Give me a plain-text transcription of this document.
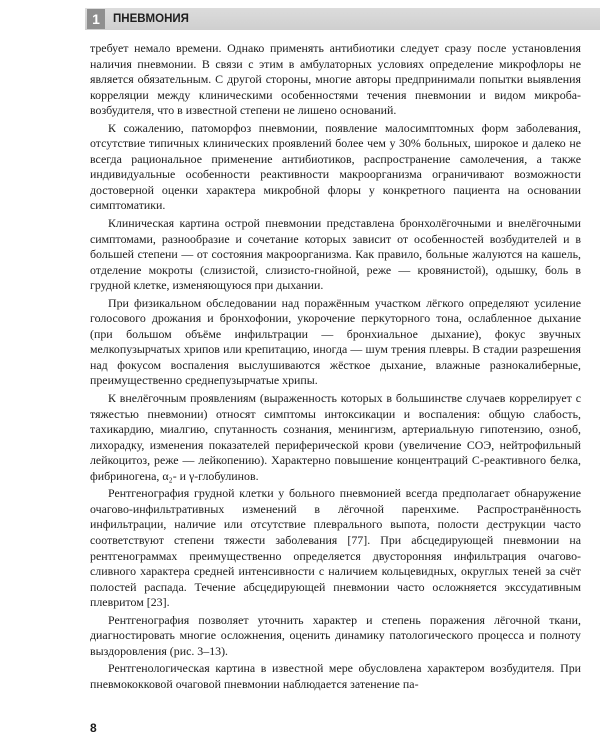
1	ПНЕВМОНИЯ

требует немало времени. Однако применять антибиотики следует сразу после установления наличия пневмонии. В связи с этим в амбулаторных условиях определение микрофлоры не является обязательным. С другой стороны, многие авторы предпринимали попытки выявления корреляции между клиническими особенностями течения пневмонии и видом микроба-возбудителя, что в известной степени не лишено оснований.

К сожалению, патоморфоз пневмонии, появление малосимптомных форм заболевания, отсутствие типичных клинических проявлений более чем у 30% больных, широкое и далеко не всегда рациональное применение антибиотиков, распространение самолечения, а также индивидуальные особенности реактивности макроорганизма ограничивают возможности достоверной оценки характера микробной флоры у конкретного пациента на основании симптоматики.

Клиническая картина острой пневмонии представлена бронхолёгочными и внелёгочными симптомами, разнообразие и сочетание которых зависит от особенностей возбудителей и в большей степени — от состояния макроорганизма. Как правило, больные жалуются на кашель, отделение мокроты (слизистой, слизисто-гнойной, реже — кровянистой), одышку, боль в грудной клетке, изменяющуюся при дыхании.

При физикальном обследовании над поражённым участком лёгкого определяют усиление голосового дрожания и бронхофонии, укорочение перкуторного тона, ослабленное дыхание (при большом объёме инфильтрации — бронхиальное дыхание), фокус звучных мелкопузырчатых хрипов или крепитацию, иногда — шум трения плевры. В стадии разрешения над фокусом воспаления выслушиваются жёсткое дыхание, влажные разнокалиберные, преимущественно среднепузырчатые хрипы.

К внелёгочным проявлениям (выраженность которых в большинстве случаев коррелирует с тяжестью пневмонии) относят симптомы интоксикации и воспаления: общую слабость, тахикардию, миалгию, спутанность сознания, менингизм, артериальную гипотензию, озноб, лихорадку, изменения показателей периферической крови (увеличение СОЭ, нейтрофильный лейкоцитоз, реже — лейкопению). Характерно повышение концентраций С-реактивного белка, фибриногена, α₂- и γ-глобулинов.

Рентгенография грудной клетки у больного пневмонией всегда предполагает обнаружение очагово-инфильтративных изменений в лёгочной паренхиме. Распространённость инфильтрации, наличие или отсутствие плеврального выпота, полости деструкции часто соответствуют степени тяжести заболевания [77]. При абсцедирующей пневмонии на рентгенограммах преимущественно определяется двусторонняя инфильтрация очагово-сливного характера средней интенсивности с наличием кольцевидных, округлых теней за счёт полостей распада. Течение абсцедирующей пневмонии часто осложняется экссудативным плевритом [23].

Рентгенография позволяет уточнить характер и степень поражения лёгочной ткани, диагностировать многие осложнения, оценить динамику патологического процесса и полноту выздоровления (рис. 3–13).

Рентгенологическая картина в известной мере обусловлена характером возбудителя. При пневмококковой очаговой пневмонии наблюдается затенение па-

8
